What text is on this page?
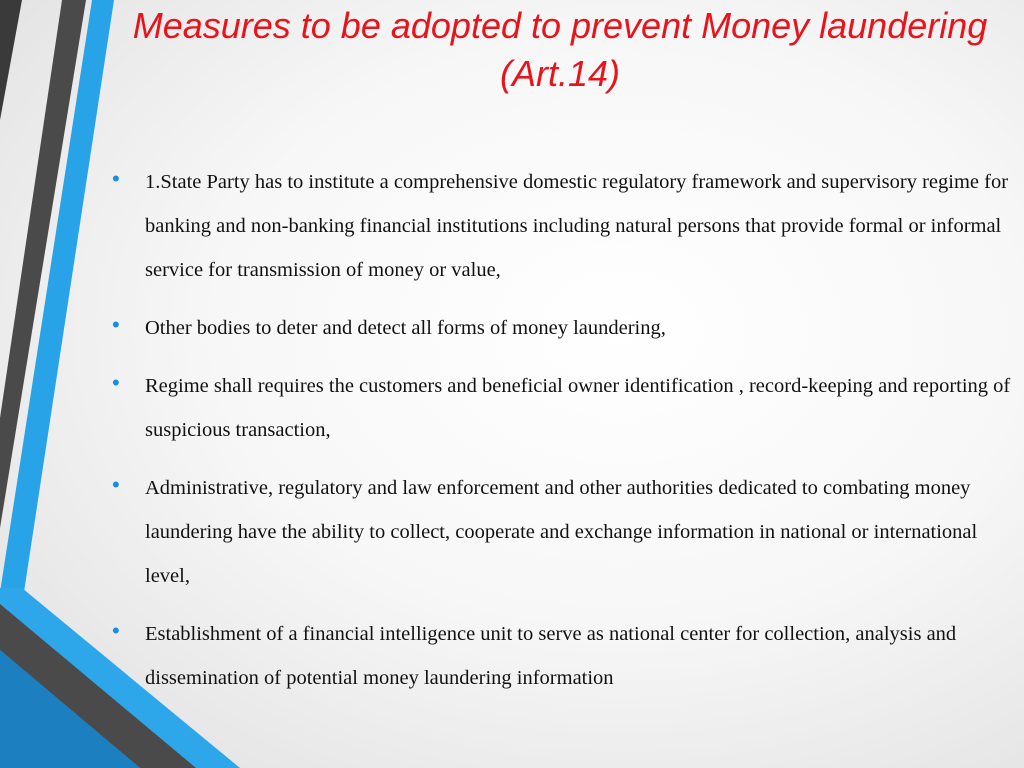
Measures to be adopted to prevent Money laundering (Art.14)
• 1.State Party has to institute a comprehensive domestic regulatory framework and supervisory regime for banking and non-banking financial institutions including natural persons that provide formal or informal service for transmission of money or value,
• Other bodies to deter and detect all forms of money laundering,
• Regime shall requires the customers and beneficial owner identification , record-keeping and reporting of suspicious transaction,
• Administrative, regulatory and law enforcement and other authorities dedicated to combating money laundering have the ability to collect, cooperate and exchange information in national or international level,
• Establishment of a financial intelligence unit to serve as national center for collection, analysis and dissemination of potential money laundering information
